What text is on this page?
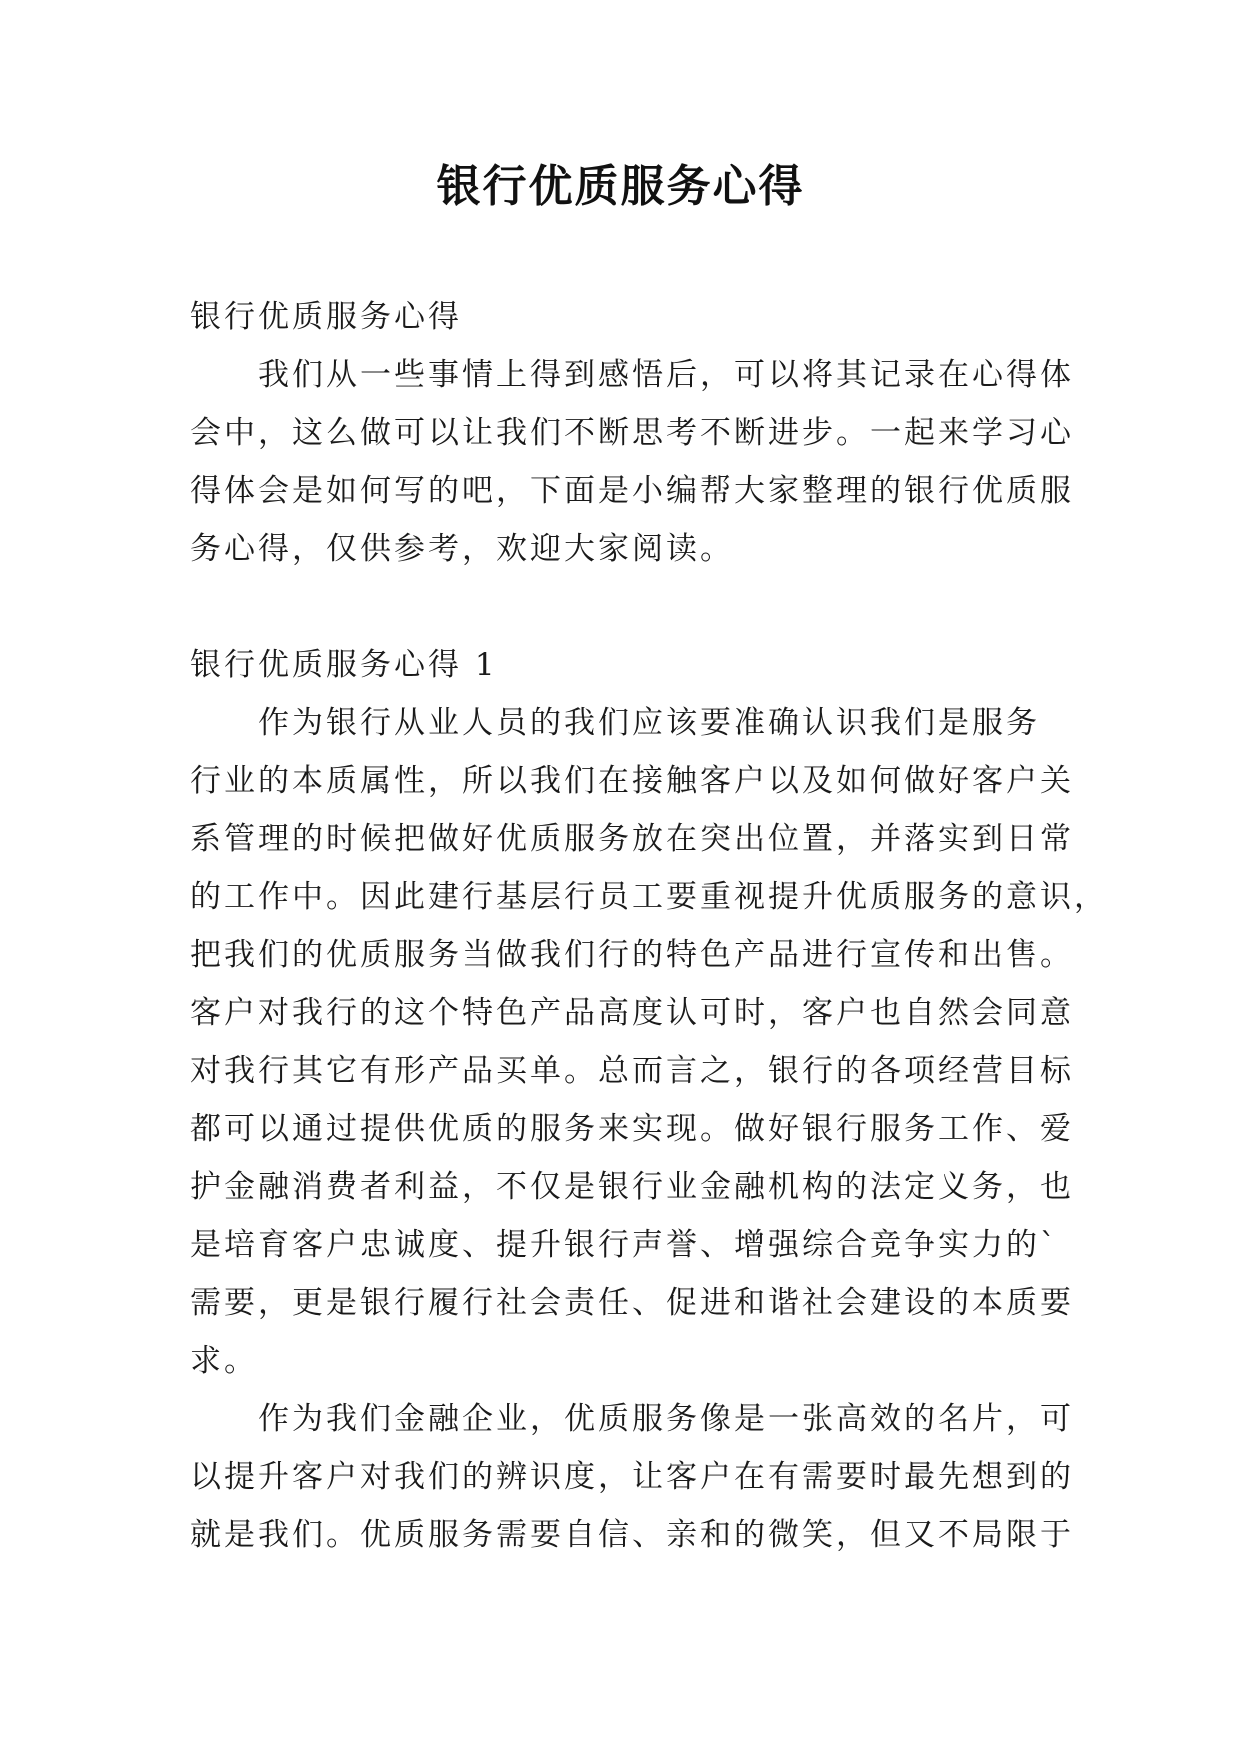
银行优质服务心得
银行优质服务心得
我们从一些事情上得到感悟后，可以将其记录在心得体
会中，这么做可以让我们不断思考不断进步。一起来学习心
得体会是如何写的吧，下面是小编帮大家整理的银行优质服
务心得，仅供参考，欢迎大家阅读。
银行优质服务心得 1
作为银行从业人员的我们应该要准确认识我们是服务
行业的本质属性，所以我们在接触客户以及如何做好客户关
系管理的时候把做好优质服务放在突出位置，并落实到日常
的工作中。因此建行基层行员工要重视提升优质服务的意识，
把我们的优质服务当做我们行的特色产品进行宣传和出售。
客户对我行的这个特色产品高度认可时，客户也自然会同意
对我行其它有形产品买单。总而言之，银行的各项经营目标
都可以通过提供优质的服务来实现。做好银行服务工作、爱
护金融消费者利益，不仅是银行业金融机构的法定义务，也
是培育客户忠诚度、提升银行声誉、增强综合竞争实力的`
需要，更是银行履行社会责任、促进和谐社会建设的本质要
求。
作为我们金融企业，优质服务像是一张高效的名片，可
以提升客户对我们的辨识度，让客户在有需要时最先想到的
就是我们。优质服务需要自信、亲和的微笑，但又不局限于
